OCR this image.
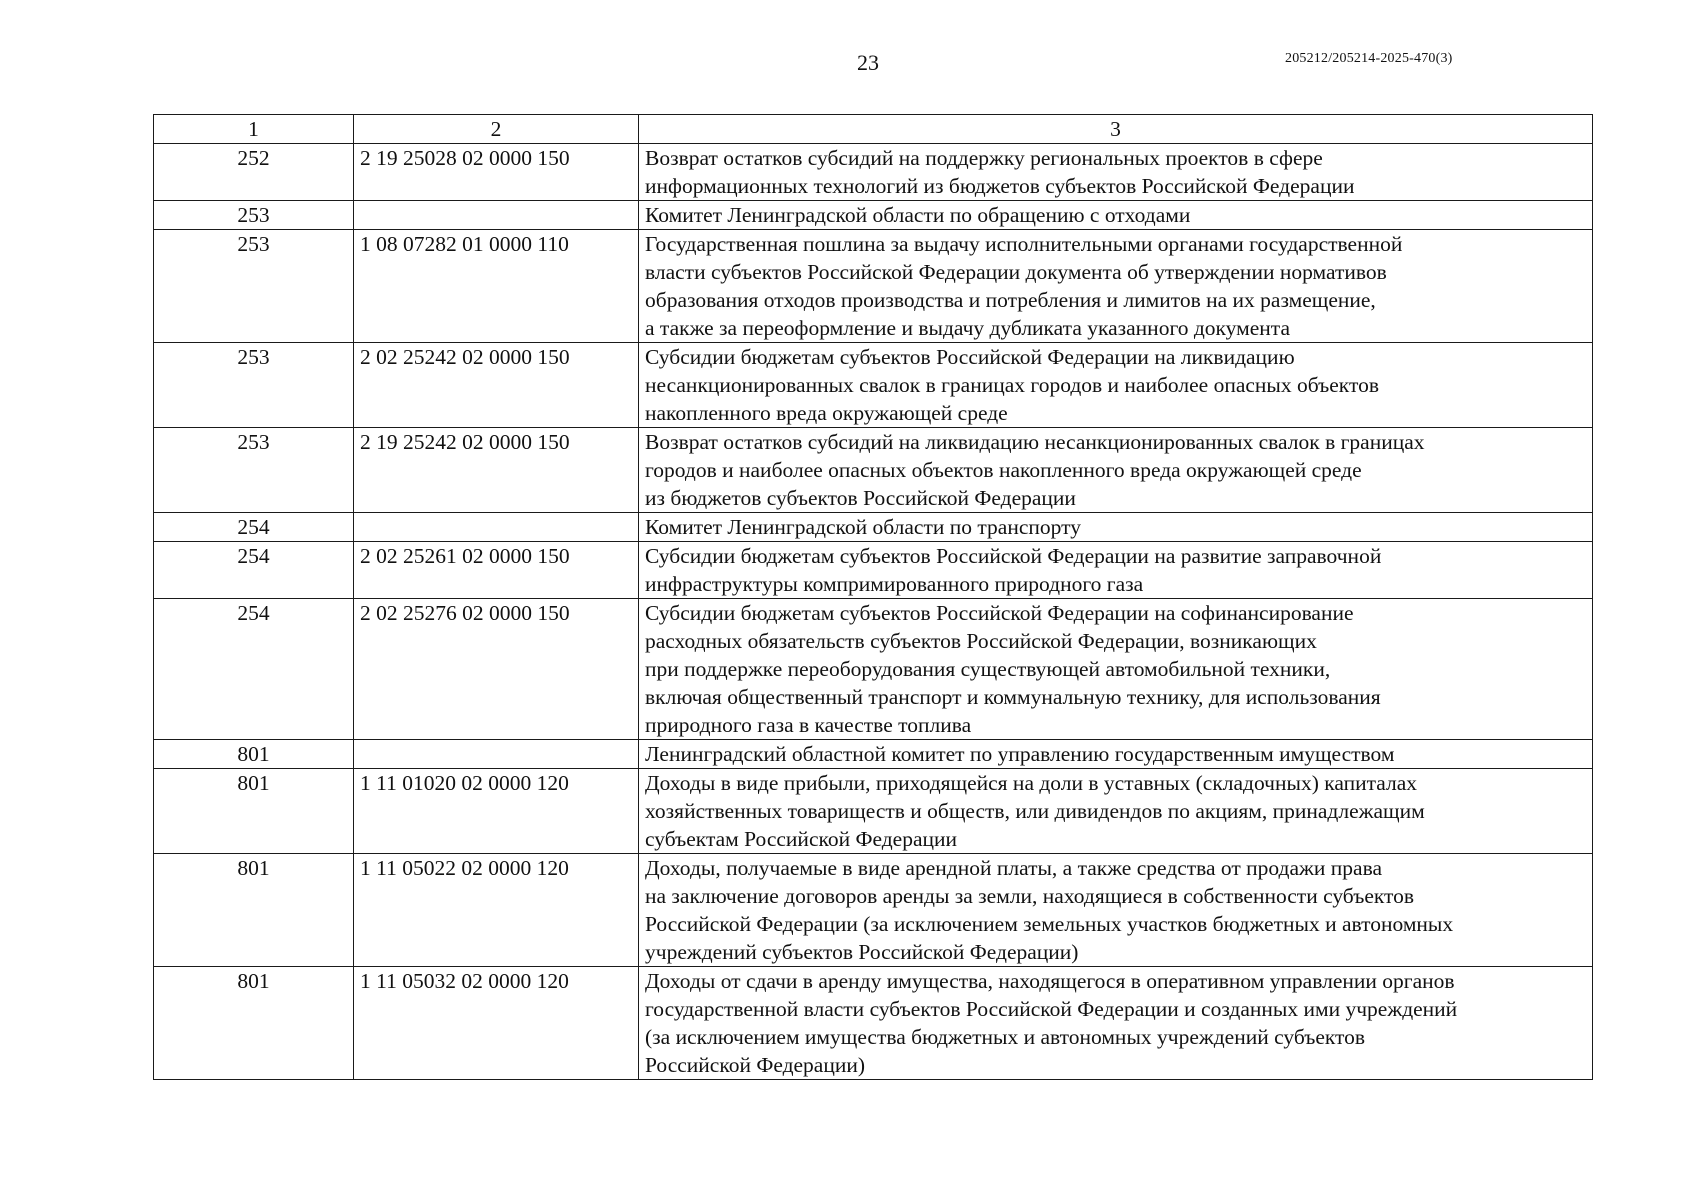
23	205212/205214-2025-470(3)
1	2	3
252	2 19 25028 02 0000 150	Возврат остатков субсидий на поддержку региональных проектов в сфере
информационных технологий из бюджетов субъектов Российской Федерации

253		Комитет Ленинградской области по обращению с отходами

253	1 08 07282 01 0000 110	Государственная пошлина за выдачу исполнительными органами государственной
власти субъектов Российской Федерации документа об утверждении нормативов
образования отходов производства и потребления и лимитов на их размещение,
а также за переоформление и выдачу дубликата указанного документа

253	2 02 25242 02 0000 150	Субсидии бюджетам субъектов Российской Федерации на ликвидацию
несанкционированных свалок в границах городов и наиболее опасных объектов
накопленного вреда окружающей среде

253	2 19 25242 02 0000 150	Возврат остатков субсидий на ликвидацию несанкционированных свалок в границах
городов и наиболее опасных объектов накопленного вреда окружающей среде
из бюджетов субъектов Российской Федерации

254		Комитет Ленинградской области по транспорту

254	2 02 25261 02 0000 150	Субсидии бюджетам субъектов Российской Федерации на развитие заправочной
инфраструктуры компримированного природного газа

254	2 02 25276 02 0000 150	Субсидии бюджетам субъектов Российской Федерации на софинансирование
расходных обязательств субъектов Российской Федерации, возникающих
при поддержке переоборудования существующей автомобильной техники,
включая общественный транспорт и коммунальную технику, для использования
природного газа в качестве топлива

801		Ленинградский областной комитет по управлению государственным имуществом

801	1 11 01020 02 0000 120	Доходы в виде прибыли, приходящейся на доли в уставных (складочных) капиталах
хозяйственных товариществ и обществ, или дивидендов по акциям, принадлежащим
субъектам Российской Федерации

801	1 11 05022 02 0000 120	Доходы, получаемые в виде арендной платы, а также средства от продажи права
на заключение договоров аренды за земли, находящиеся в собственности субъектов
Российской Федерации (за исключением земельных участков бюджетных и автономных
учреждений субъектов Российской Федерации)

801	1 11 05032 02 0000 120	Доходы от сдачи в аренду имущества, находящегося в оперативном управлении органов
государственной власти субъектов Российской Федерации и созданных ими учреждений
(за исключением имущества бюджетных и автономных учреждений субъектов
Российской Федерации)
